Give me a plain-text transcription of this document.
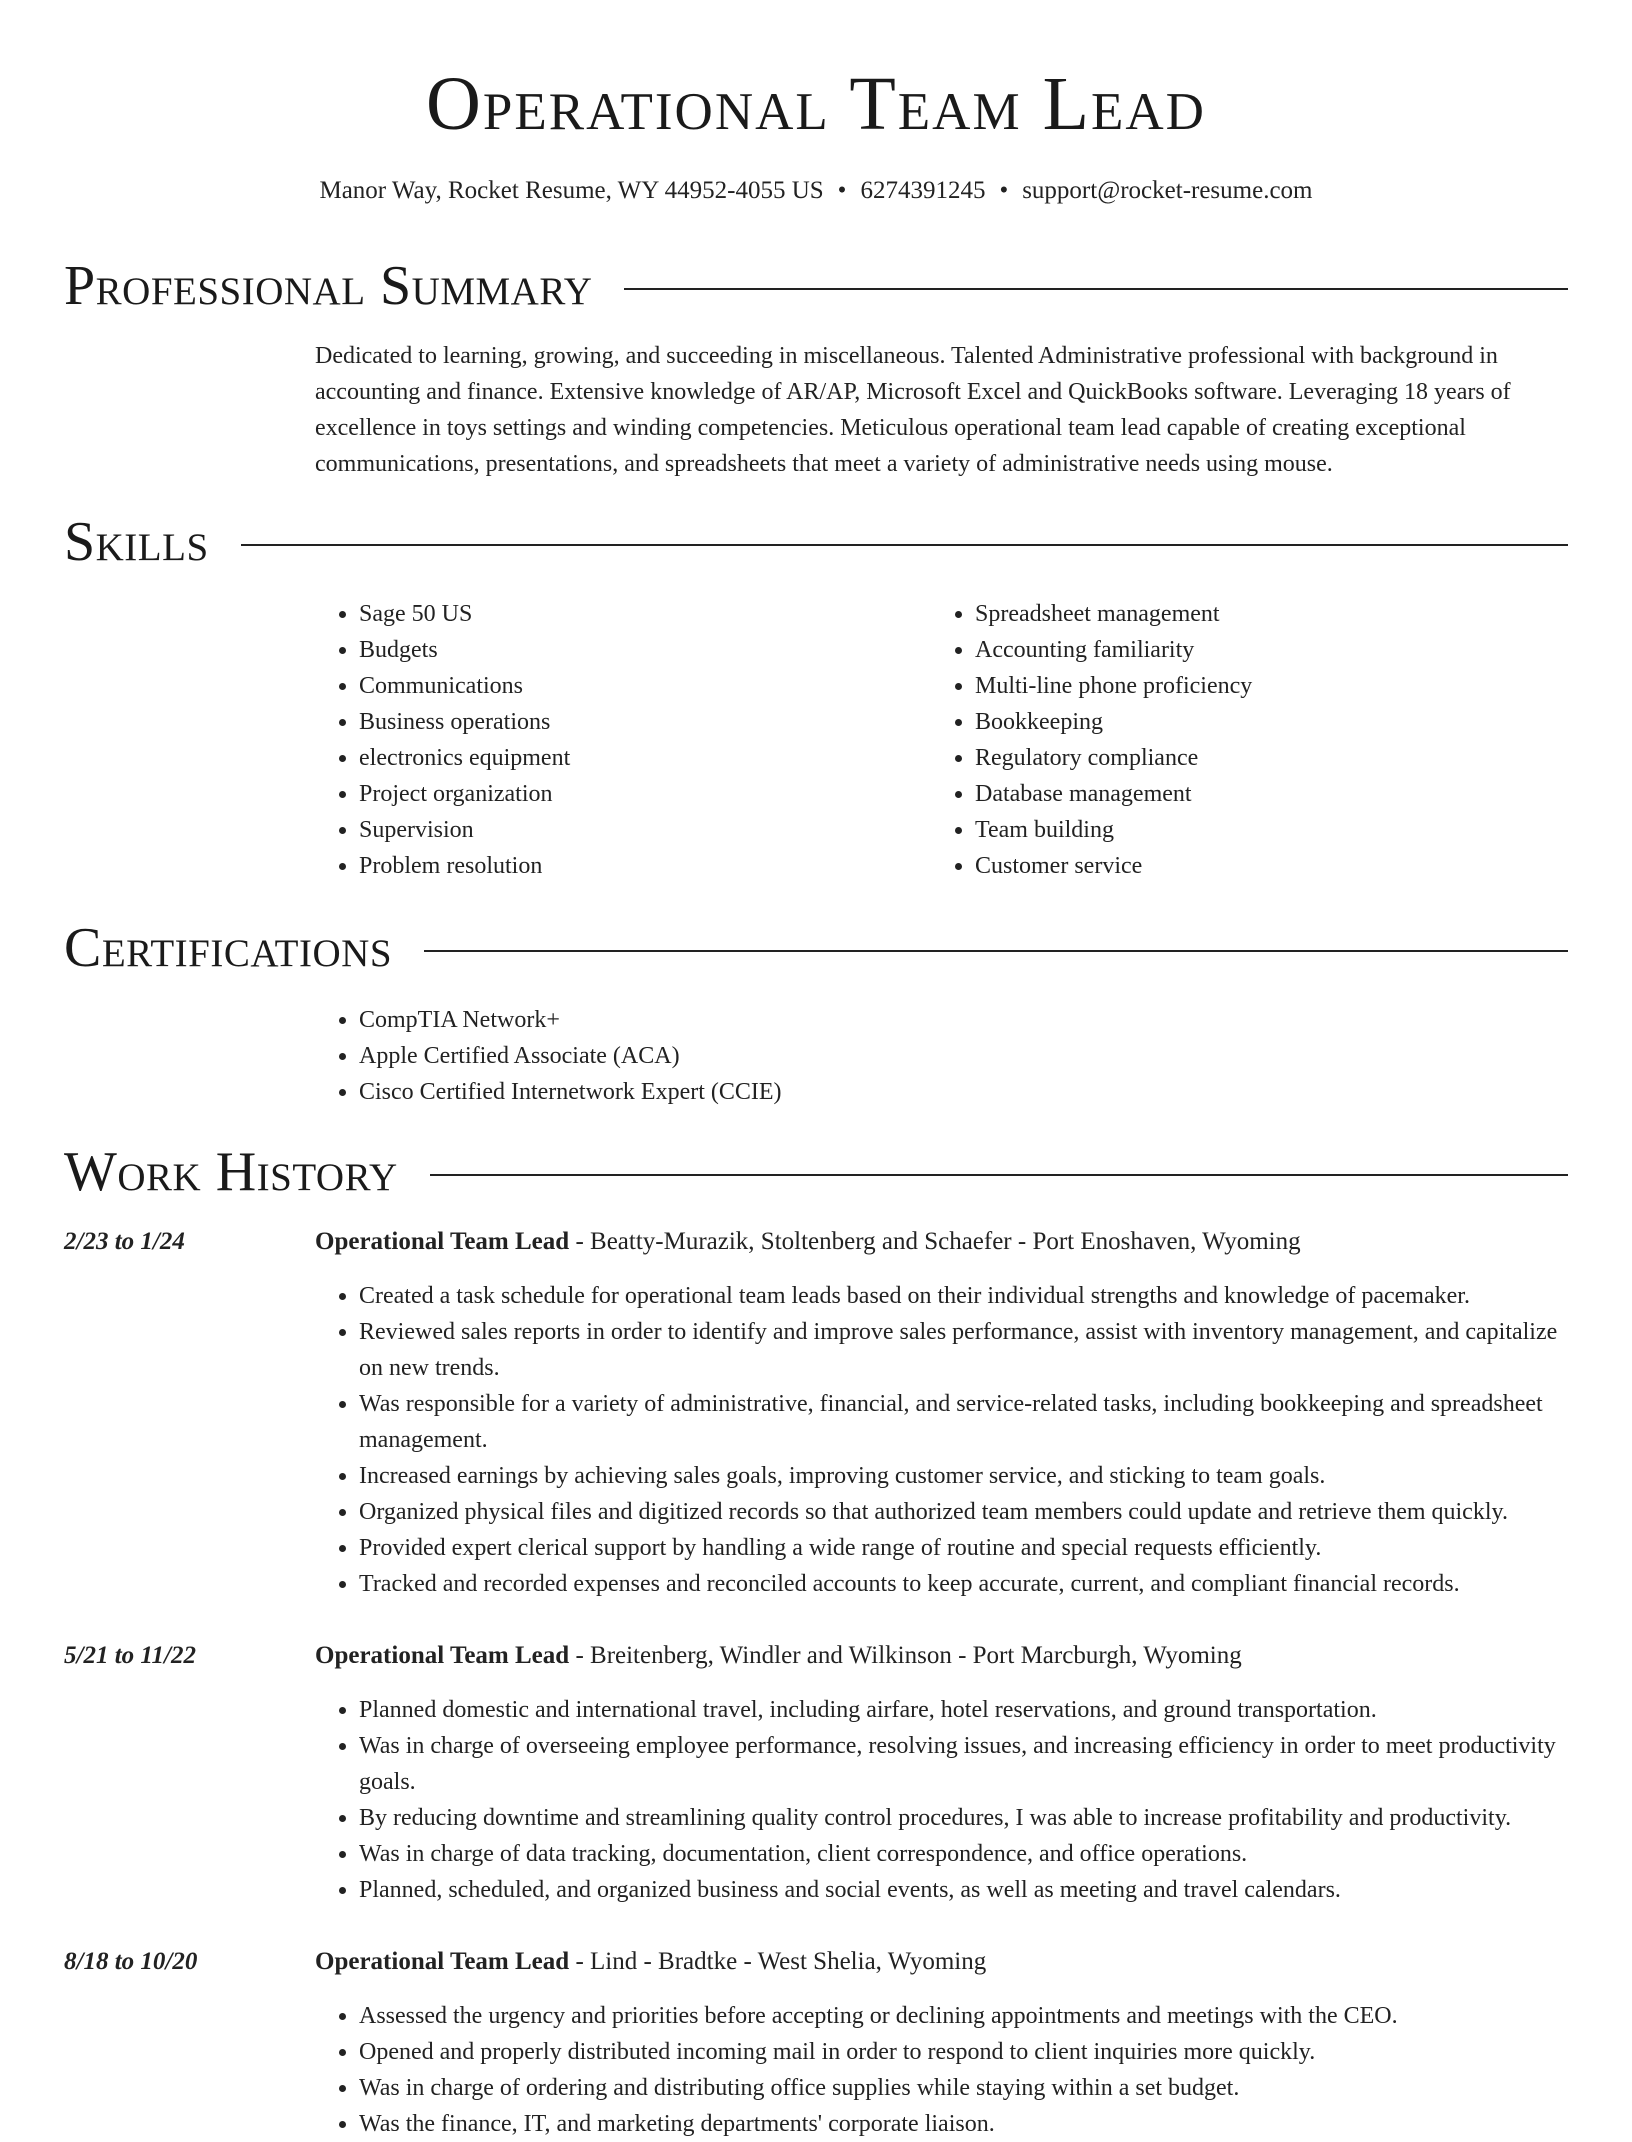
Operational Team Lead
Manor Way, Rocket Resume, WY 44952-4055 US • 6274391245 • support@rocket-resume.com
Professional Summary
Dedicated to learning, growing, and succeeding in miscellaneous. Talented Administrative professional with background in accounting and finance. Extensive knowledge of AR/AP, Microsoft Excel and QuickBooks software. Leveraging 18 years of excellence in toys settings and winding competencies. Meticulous operational team lead capable of creating exceptional communications, presentations, and spreadsheets that meet a variety of administrative needs using mouse.
Skills
• Sage 50 US
• Budgets
• Communications
• Business operations
• electronics equipment
• Project organization
• Supervision
• Problem resolution
• Spreadsheet management
• Accounting familiarity
• Multi-line phone proficiency
• Bookkeeping
• Regulatory compliance
• Database management
• Team building
• Customer service
Certifications
• CompTIA Network+
• Apple Certified Associate (ACA)
• Cisco Certified Internetwork Expert (CCIE)
Work History
2/23 to 1/24	Operational Team Lead - Beatty-Murazik, Stoltenberg and Schaefer - Port Enoshaven, Wyoming
• Created a task schedule for operational team leads based on their individual strengths and knowledge of pacemaker.
• Reviewed sales reports in order to identify and improve sales performance, assist with inventory management, and capitalize on new trends.
• Was responsible for a variety of administrative, financial, and service-related tasks, including bookkeeping and spreadsheet management.
• Increased earnings by achieving sales goals, improving customer service, and sticking to team goals.
• Organized physical files and digitized records so that authorized team members could update and retrieve them quickly.
• Provided expert clerical support by handling a wide range of routine and special requests efficiently.
• Tracked and recorded expenses and reconciled accounts to keep accurate, current, and compliant financial records.
5/21 to 11/22	Operational Team Lead - Breitenberg, Windler and Wilkinson - Port Marcburgh, Wyoming
• Planned domestic and international travel, including airfare, hotel reservations, and ground transportation.
• Was in charge of overseeing employee performance, resolving issues, and increasing efficiency in order to meet productivity goals.
• By reducing downtime and streamlining quality control procedures, I was able to increase profitability and productivity.
• Was in charge of data tracking, documentation, client correspondence, and office operations.
• Planned, scheduled, and organized business and social events, as well as meeting and travel calendars.
8/18 to 10/20	Operational Team Lead - Lind - Bradtke - West Shelia, Wyoming
• Assessed the urgency and priorities before accepting or declining appointments and meetings with the CEO.
• Opened and properly distributed incoming mail in order to respond to client inquiries more quickly.
• Was in charge of ordering and distributing office supplies while staying within a set budget.
• Was the finance, IT, and marketing departments' corporate liaison.
